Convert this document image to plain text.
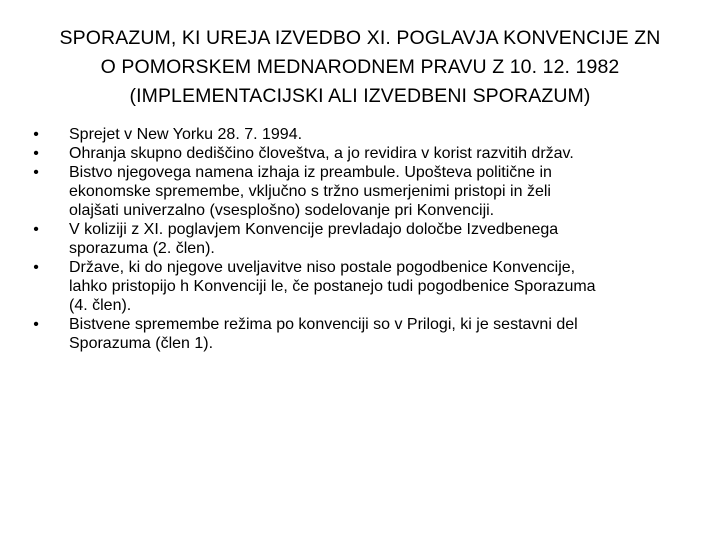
SPORAZUM, KI UREJA IZVEDBO XI. POGLAVJA KONVENCIJE ZN
O POMORSKEM MEDNARODNEM PRAVU Z 10. 12. 1982
(IMPLEMENTACIJSKI ALI IZVEDBENI SPORAZUM)
• Sprejet v New Yorku 28. 7. 1994.
• Ohranja skupno dediščino človeštva, a jo revidira v korist razvitih držav.
• Bistvo njegovega namena izhaja iz preambule. Upošteva politične in
ekonomske spremembe, vključno s tržno usmerjenimi pristopi in želi
olajšati univerzalno (vsesplošno) sodelovanje pri Konvenciji.
• V koliziji z XI. poglavjem Konvencije prevladajo določbe Izvedbenega
sporazuma (2. člen).
• Države, ki do njegove uveljavitve niso postale pogodbenice Konvencije,
lahko pristopijo h Konvenciji le, če postanejo tudi pogodbenice Sporazuma
(4. člen).
• Bistvene spremembe režima po konvenciji so v Prilogi, ki je sestavni del
Sporazuma (člen 1).
